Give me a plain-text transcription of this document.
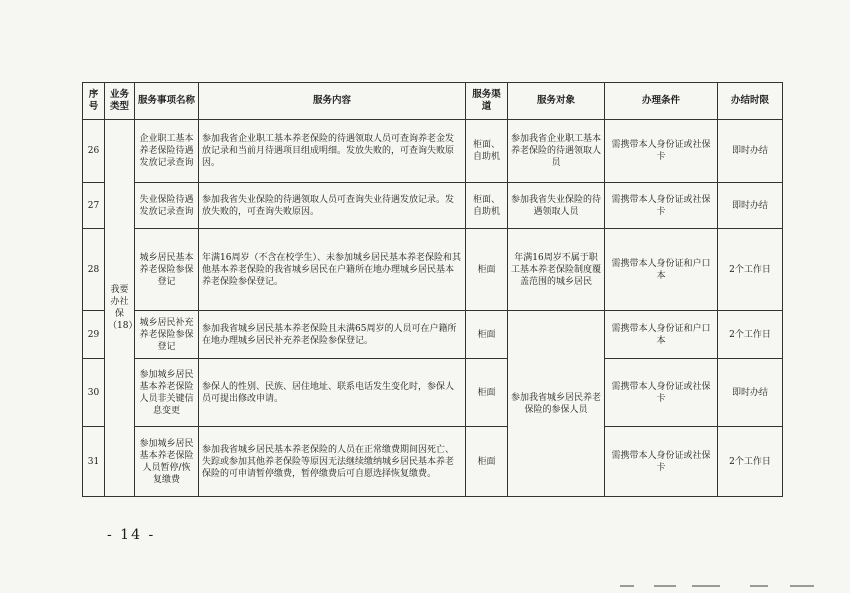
序号	业务类型	服务事项名称	服务内容	服务渠道	服务对象	办理条件	办结时限
26	我要办社保（18）	企业职工基本养老保险待遇发放记录查询	参加我省企业职工基本养老保险的待遇领取人员可查询养老金发放记录和当前月待遇项目组成明细。发放失败的，可查询失败原因。	柜面、自助机	参加我省企业职工基本养老保险的待遇领取人员	需携带本人身份证或社保卡	即时办结
27		失业保险待遇发放记录查询	参加我省失业保险的待遇领取人员可查询失业待遇发放记录。发放失败的，可查询失败原因。	柜面、自助机	参加我省失业保险的待遇领取人员	需携带本人身份证或社保卡	即时办结
28		城乡居民基本养老保险参保登记	年满16周岁（不含在校学生）、未参加城乡居民基本养老保险和其他基本养老保险的我省城乡居民在户籍所在地办理城乡居民基本养老保险参保登记。	柜面	年满16周岁不属于职工基本养老保险制度覆盖范围的城乡居民	需携带本人身份证和户口本	2个工作日
29		城乡居民补充养老保险参保登记	参加我省城乡居民基本养老保险且未满65周岁的人员可在户籍所在地办理城乡居民补充养老保险参保登记。	柜面	参加我省城乡居民养老保险的参保人员	需携带本人身份证和户口本	2个工作日
30		参加城乡居民基本养老保险人员非关键信息变更	参保人的性别、民族、居住地址、联系电话发生变化时，参保人员可提出修改申请。	柜面		需携带本人身份证或社保卡	即时办结
31		参加城乡居民基本养老保险人员暂停/恢复缴费	参加我省城乡居民基本养老保险的人员在正常缴费期间因死亡、失踪或参加其他养老保险等原因无法继续缴纳城乡居民基本养老保险的可申请暂停缴费，暂停缴费后可自愿选择恢复缴费。	柜面		需携带本人身份证或社保卡	2个工作日
- 14 -
